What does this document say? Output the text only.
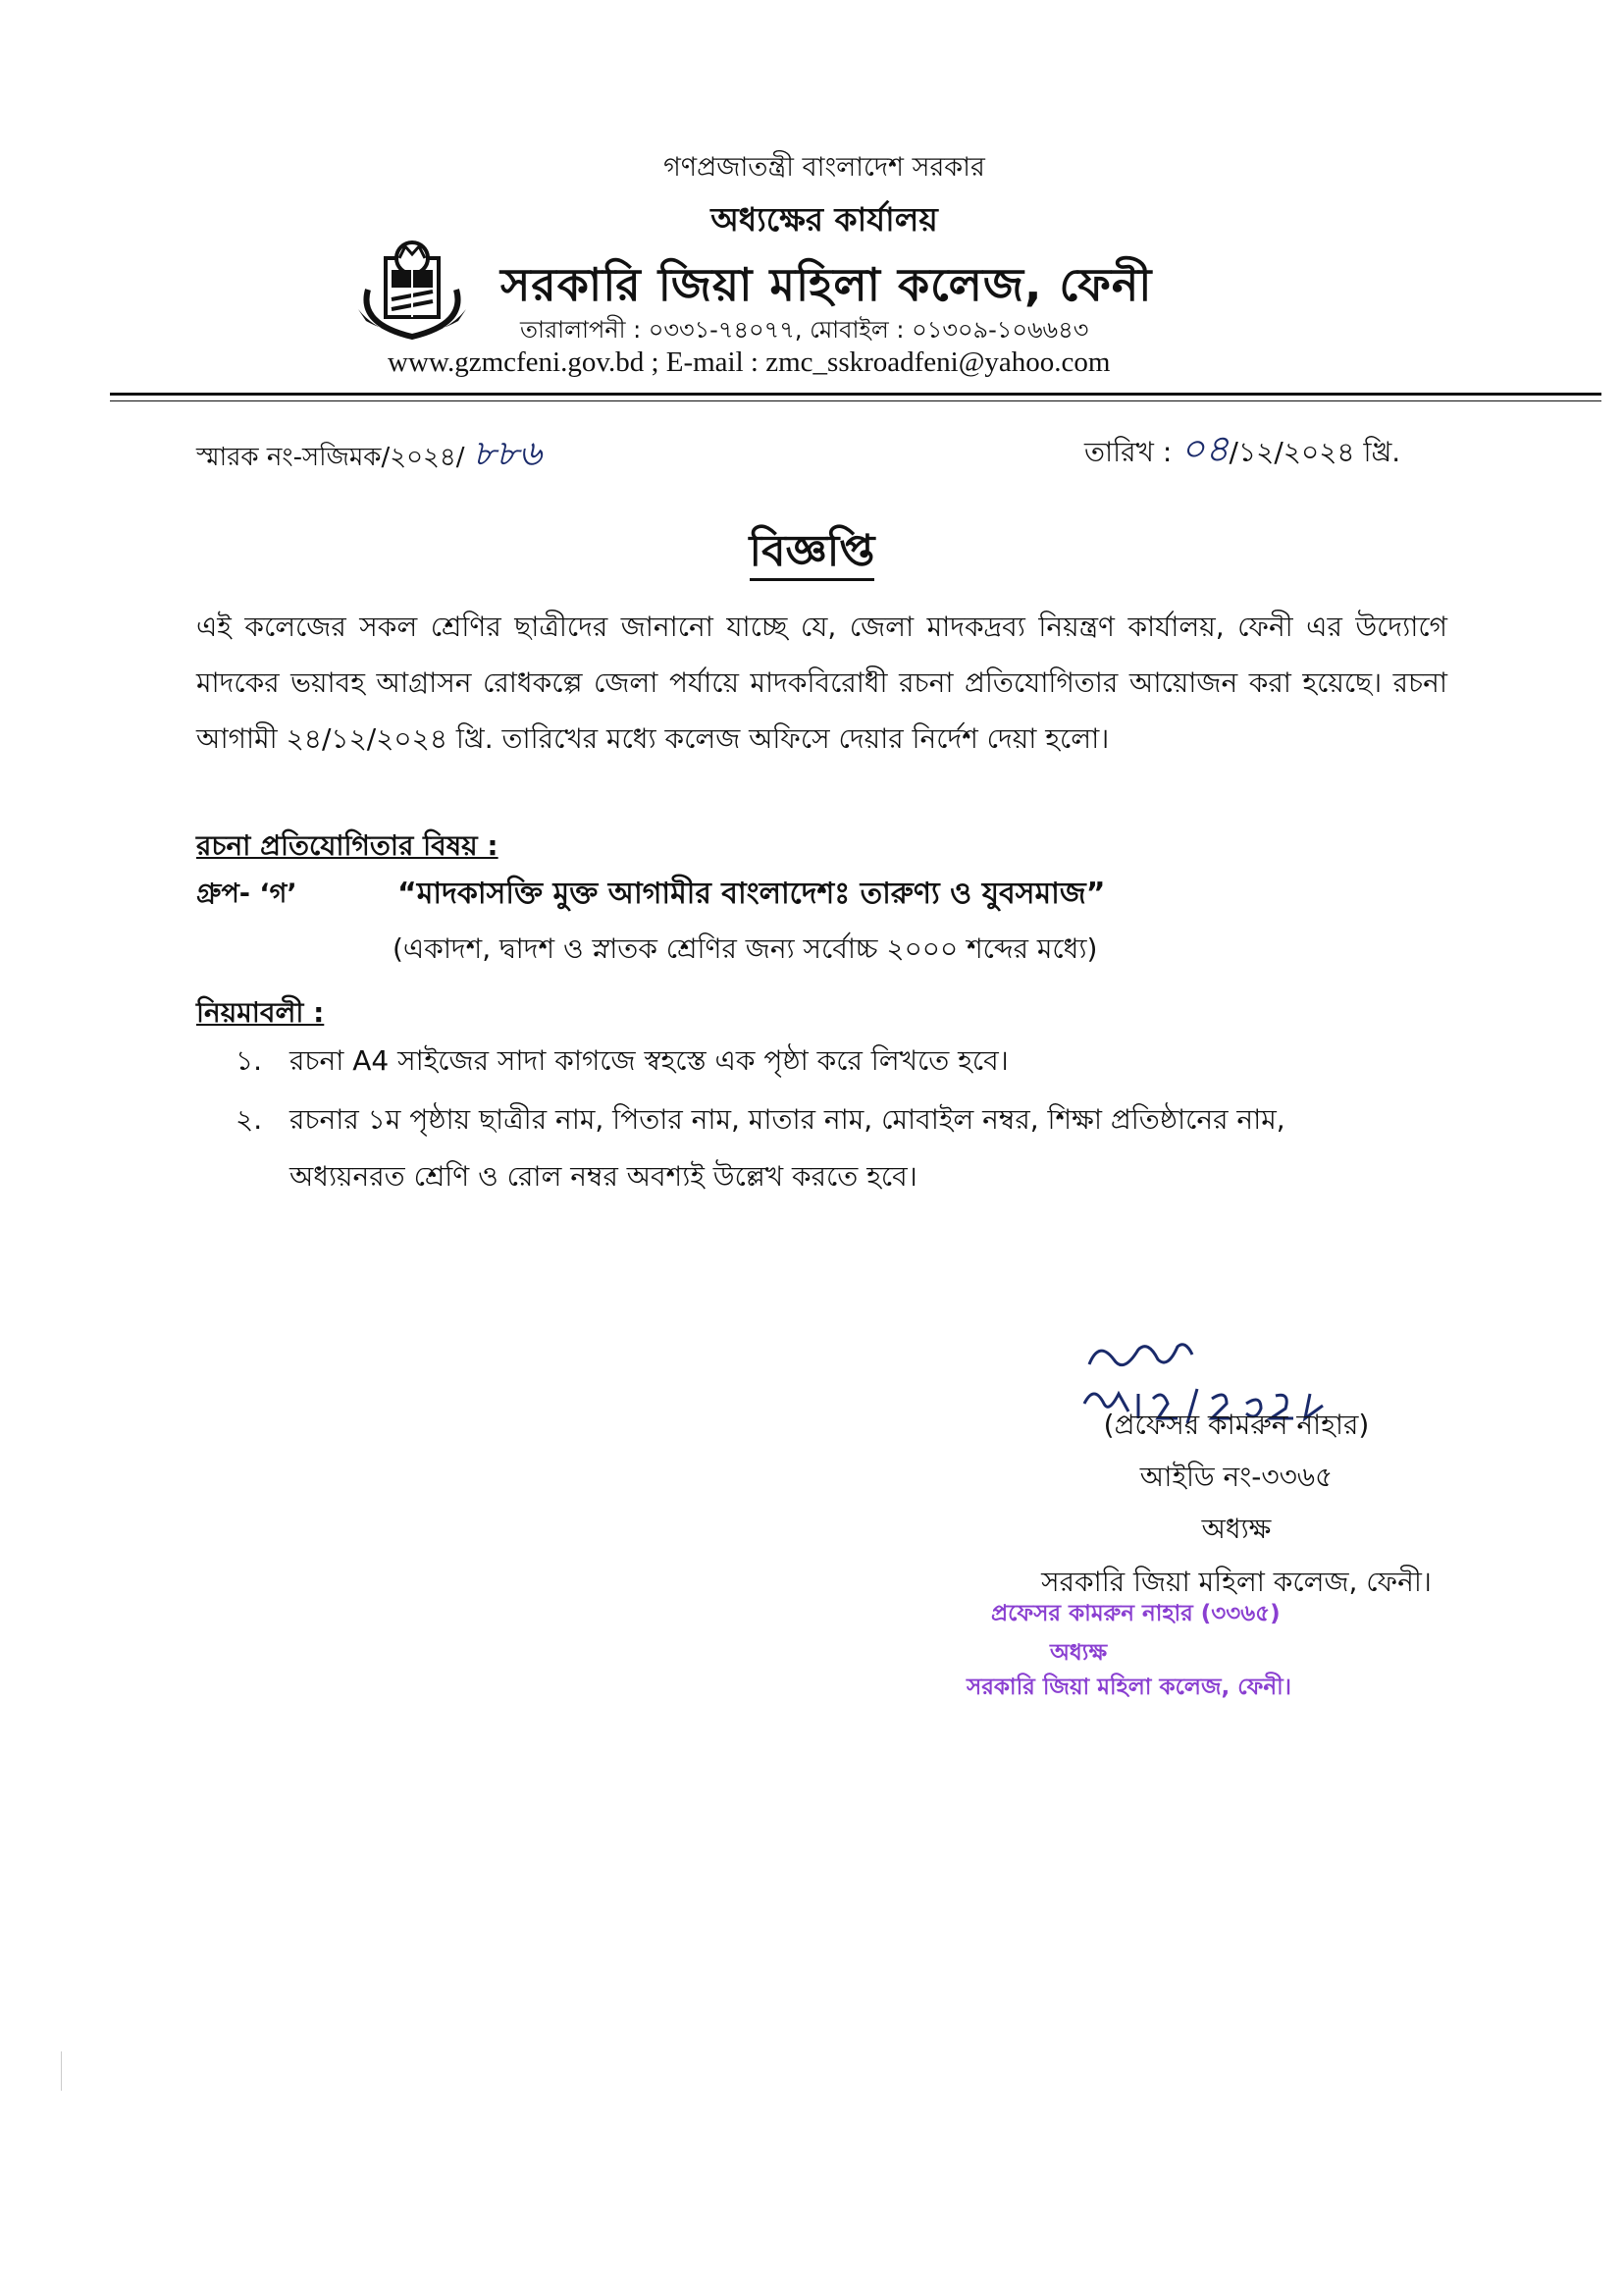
গণপ্রজাতন্ত্রী বাংলাদেশ সরকার
অধ্যক্ষের কার্যালয়
সরকারি জিয়া মহিলা কলেজ, ফেনী
তারালাপনী : ০৩৩১-৭৪০৭৭, মোবাইল : ০১৩০৯-১০৬৬৪৩
www.gzmcfeni.gov.bd ; E-mail : zmc_sskroadfeni@yahoo.com
স্মারক নং-সজিমক/২০২৪/ ৮৮৬	তারিখ : ০৪/১২/২০২৪ খ্রি.
বিজ্ঞপ্তি
এই কলেজের সকল শ্রেণির ছাত্রীদের জানানো যাচ্ছে যে, জেলা মাদকদ্রব্য নিয়ন্ত্রণ কার্যালয়, ফেনী এর উদ্যোগে মাদকের ভয়াবহ আগ্রাসন রোধকল্পে জেলা পর্যায়ে মাদকবিরোধী রচনা প্রতিযোগিতার আয়োজন করা হয়েছে। রচনা আগামী ২৪/১২/২০২৪ খ্রি. তারিখের মধ্যে কলেজ অফিসে দেয়ার নির্দেশ দেয়া হলো।
রচনা প্রতিযোগিতার বিষয় :
গ্রুপ- ‘গ’	“মাদকাসক্তি মুক্ত আগামীর বাংলাদেশঃ তারুণ্য ও যুবসমাজ”
(একাদশ, দ্বাদশ ও স্নাতক শ্রেণির জন্য সর্বোচ্চ ২০০০ শব্দের মধ্যে)
নিয়মাবলী :
১. রচনা A4 সাইজের সাদা কাগজে স্বহস্তে এক পৃষ্ঠা করে লিখতে হবে।
২. রচনার ১ম পৃষ্ঠায় ছাত্রীর নাম, পিতার নাম, মাতার নাম, মোবাইল নম্বর, শিক্ষা প্রতিষ্ঠানের নাম,
অধ্যয়নরত শ্রেণি ও রোল নম্বর অবশ্যই উল্লেখ করতে হবে।
(প্রফেসর কামরুন নাহার)
আইডি নং-৩৩৬৫
অধ্যক্ষ
সরকারি জিয়া মহিলা কলেজ, ফেনী।
প্রফেসর কামরুন নাহার (৩৩৬৫)
অধ্যক্ষ
সরকারি জিয়া মহিলা কলেজ, ফেনী।
